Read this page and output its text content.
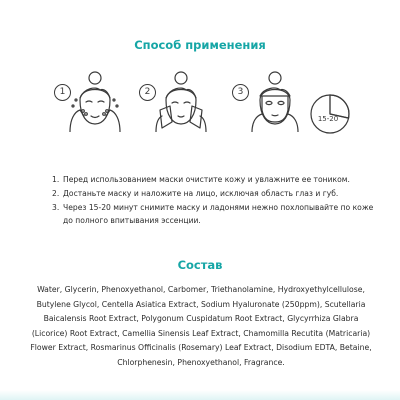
Способ применения
1	2	3
15-20
1. Перед использованием маски очистите кожу и увлажните ее тоником.
2. Достаньте маску и наложите на лицо, исключая область глаз и губ.
3. Через 15-20 минут снимите маску и ладонями нежно похлопывайте по коже до полного впитывания эссенции.
Состав

Water, Glycerin, Phenoxyethanol, Carbomer, Triethanolamine, Hydroxyethylcellulose, Butylene Glycol, Centella Asiatica Extract, Sodium Hyaluronate (250ppm), Scutellaria Baicalensis Root Extract, Polygonum Cuspidatum Root Extract, Glycyrrhiza Glabra (Licorice) Root Extract, Camellia Sinensis Leaf Extract, Chamomilla Recutita (Matricaria) Flower Extract, Rosmarinus Officinalis (Rosemary) Leaf Extract, Disodium EDTA, Betaine, Chlorphenesin, Phenoxyethanol, Fragrance.
